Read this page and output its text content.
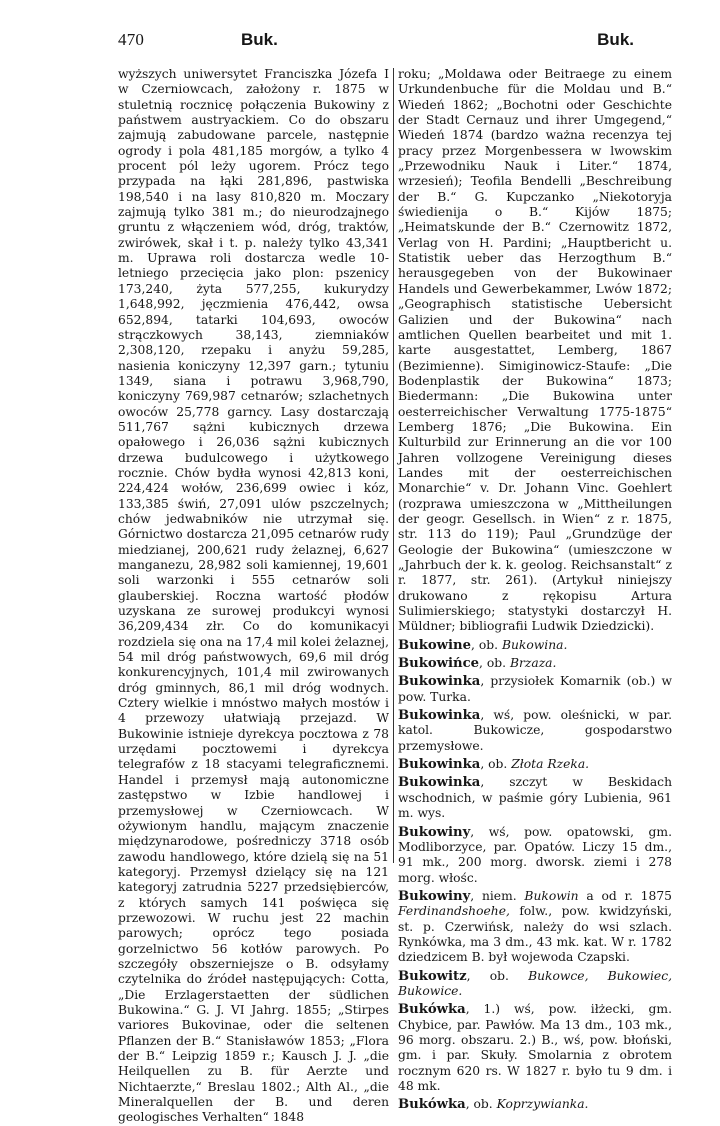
470	Buk.	Buk.

wyższych uniwersytet Franciszka Józefa I w Czerniowcach, założony r. 1875 w stuletnią rocznicę połączenia Bukowiny z państwem austryackiem. Co do obszaru zajmują zabudowane parcele, następnie ogrody i pola 481,185 morgów, a tylko 4 procent pól leży ugorem. Prócz tego przypada na łąki 281,896, pastwiska 198,540 i na lasy 810,820 m. Moczary zajmują tylko 381 m.; do nieurodzajnego gruntu z włączeniem wód, dróg, traktów, zwirówek, skał i t. p. należy tylko 43,341 m. Uprawa roli dostarcza wedle 10-letniego przecięcia jako plon: pszenicy 173,240, żyta 577,255, kukurydzy 1,648,992, jęczmienia 476,442, owsa 652,894, tatarki 104,693, owoców strączkowych 38,143, ziemniaków 2,308,120, rzepaku i anyżu 59,285, nasienia koniczyny 12,397 garn.; tytuniu 1349, siana i potrawu 3,968,790, koniczyny 769,987 cetnarów; szlachetnych owoców 25,778 garncy. Lasy dostarczają 511,767 sążni kubicznych drzewa opałowego i 26,036 sążni kubicznych drzewa budulcowego i użytkowego rocznie. Chów bydła wynosi 42,813 koni, 224,424 wołów, 236,699 owiec i kóz, 133,385 świń, 27,091 ulów pszczelnych; chów jedwabników nie utrzymał się. Górnictwo dostarcza 21,095 cetnarów rudy miedzianej, 200,621 rudy żelaznej, 6,627 manganezu, 28,982 soli kamiennej, 19,601 soli warzonki i 555 cetnarów soli glauberskiej. Roczna wartość płodów uzyskana ze surowej produkcyi wynosi 36,209,434 złr. Co do komunikacyi rozdziela się ona na 17,4 mil kolei żelaznej, 54 mil dróg państwowych, 69,6 mil dróg konkurencyjnych, 101,4 mil zwirowanych dróg gminnych, 86,1 mil dróg wodnych. Cztery wielkie i mnóstwo małych mostów i 4 przewozy ułatwiają przejazd. W Bukowinie istnieje dyrekcya pocztowa z 78 urzędami pocztowemi i dyrekcya telegrafów z 18 stacyami telegraficznemi. Handel i przemysł mają autonomiczne zastępstwo w Izbie handlowej i przemysłowej w Czerniowcach. W ożywionym handlu, mającym znaczenie międzynarodowe, pośredniczy 3718 osób zawodu handlowego, które dzielą się na 51 kategoryj. Przemysł dzielący się na 121 kategoryj zatrudnia 5227 przedsiębierców, z których samych 141 poświęca się przewozowi. W ruchu jest 22 machin parowych; oprócz tego posiada gorzelnictwo 56 kotłów parowych. Po szczegóły obszerniejsze o B. odsyłamy czytelnika do źródeł następujących: Cotta, „Die Erzlagerstaetten der südlichen Bukowina.“ G. J. VI Jahrg. 1855; „Stirpes variores Bukovinae, oder die seltenen Pflanzen der B.“ Stanisławów 1853; „Flora der B.“ Leipzig 1859 r.; Kausch J. J. „die Heilquellen zu B. für Aerzte und Nichtaerzte,“ Breslau 1802.; Alth Al., „die Mineralquellen der B. und deren geologisches Verhalten“ 1848

roku; „Moldawa oder Beitraege zu einem Urkundenbuche für die Moldau und B.“ Wiedeń 1862; „Bochotni oder Geschichte der Stadt Cernauz und ihrer Umgegend,“ Wiedeń 1874 (bardzo ważna recenzya tej pracy przez Morgenbessera w lwowskim „Przewodniku Nauk i Liter.“ 1874, wrzesień); Teofila Bendelli „Beschreibung der B.“ G. Kupczanko „Niekotoryja świedienija o B.“ Kijów 1875; „Heimatskunde der B.“ Czernowitz 1872, Verlag von H. Pardini; „Hauptbericht u. Statistik ueber das Herzogthum B.“ herausgegeben von der Bukowinaer Handels und Gewerbekammer, Lwów 1872; „Geographisch statistische Uebersicht Galizien und der Bukowina“ nach amtlichen Quellen bearbeitet und mit 1. karte ausgestattet, Lemberg, 1867 (Bezimienne). Simiginowicz-Staufe: „Die Bodenplastik der Bukowina“ 1873; Biedermann: „Die Bukowina unter oesterreichischer Verwaltung 1775-1875“ Lemberg 1876; „Die Bukowina. Ein Kulturbild zur Erinnerung an die vor 100 Jahren vollzogene Vereinigung dieses Landes mit der oesterreichischen Monarchie“ v. Dr. Johann Vinc. Goehlert (rozprawa umieszczona w „Mittheilungen der geogr. Gesellsch. in Wien“ z r. 1875, str. 113 do 119); Paul „Grundzüge der Geologie der Bukowina“ (umieszczone w „Jahrbuch der k. k. geolog. Reichsanstalt“ z r. 1877, str. 261). (Artykuł niniejszy drukowano z rękopisu Artura Sulimierskiego; statystyki dostarczył H. Müldner; bibliografii Ludwik Dziedzicki).

Bukowine, ob. Bukowina.

Bukowińce, ob. Brzaza.

Bukowinka, przysiołek Komarnik (ob.) w pow. Turka.

Bukowinka, wś, pow. oleśnicki, w par. katol. Bukowicze, gospodarstwo przemysłowe.

Bukowinka, ob. Złota Rzeka.

Bukowinka, szczyt w Beskidach wschodnich, w paśmie góry Lubienia, 961 m. wys.

Bukowiny, wś, pow. opatowski, gm. Modliborzyce, par. Opatów. Liczy 15 dm., 91 mk., 200 morg. dworsk. ziemi i 278 morg. włośc.

Bukowiny, niem. Bukowin a od r. 1875 Ferdinandshoehe, folw., pow. kwidzyński, st. p. Czerwińsk, należy do wsi szlach. Rynkówka, ma 3 dm., 43 mk. kat. W r. 1782 dziedzicem B. był wojewoda Czapski.

Bukowitz, ob. Bukowce, Bukowiec, Bukowice.

Bukówka, 1.) wś, pow. iłżecki, gm. Chybice, par. Pawłów. Ma 13 dm., 103 mk., 96 morg. obszaru. 2.) B., wś, pow. błoński, gm. i par. Skuły. Smolarnia z obrotem rocznym 620 rs. W 1827 r. było tu 9 dm. i 48 mk.

Bukówka, ob. Koprzywianka.
